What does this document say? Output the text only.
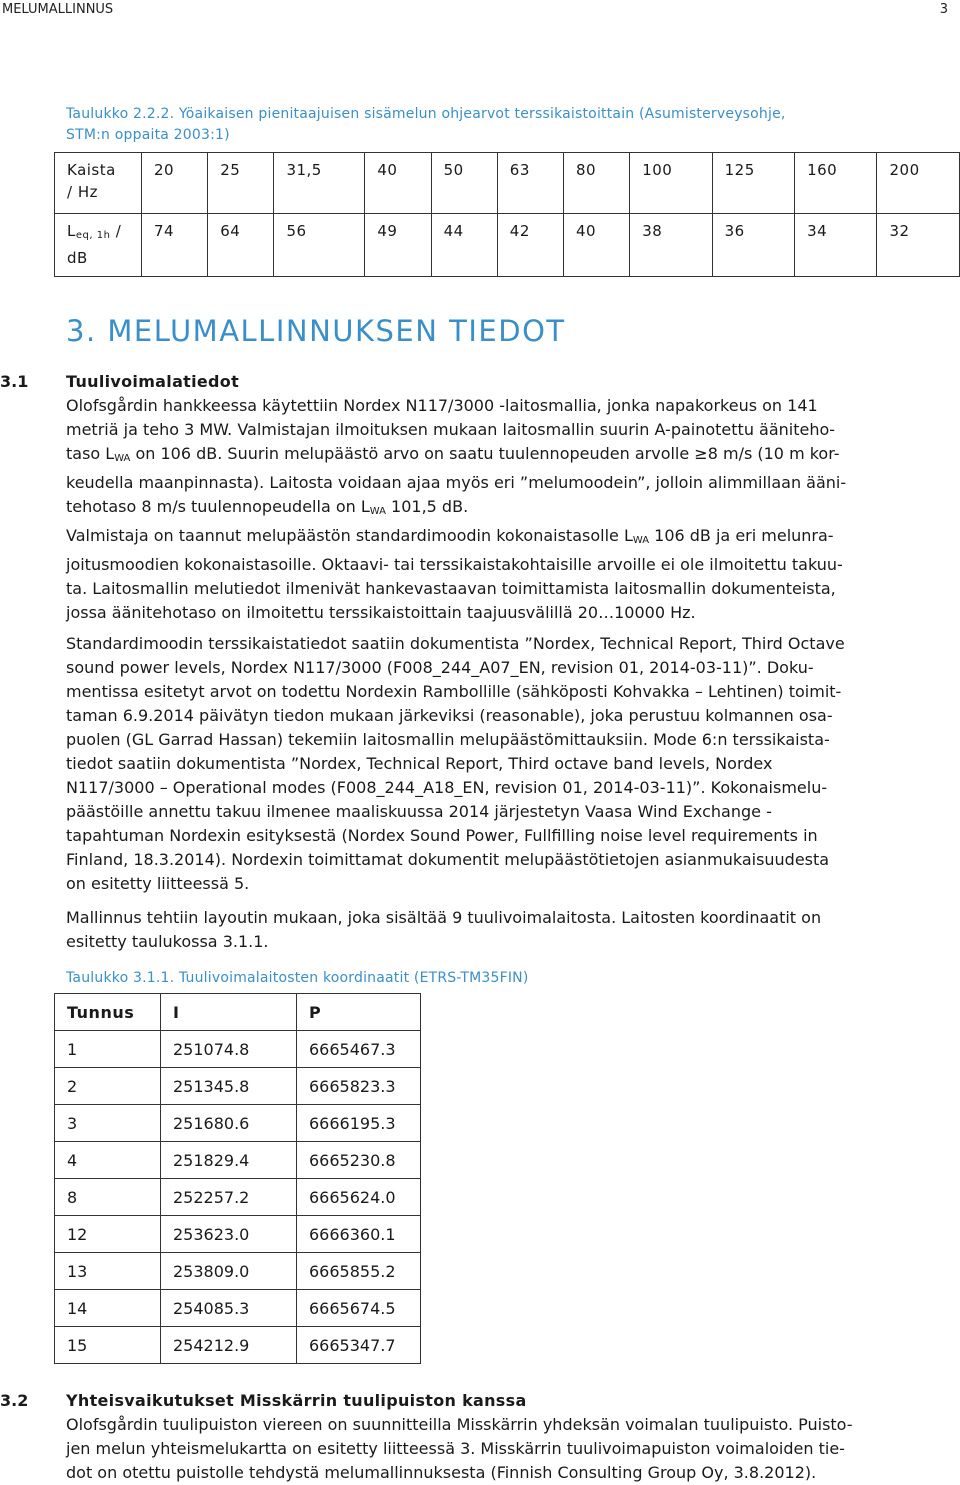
MELUMALLINNUS	3
Taulukko 2.2.2. Yöaikaisen pienitaajuisen sisämelun ohjearvot terssikaistoittain (Asumisterveysohje,
STM:n oppaita 2003:1)
Kaista
/ Hz	20	25	31,5	40	50	63	80	100	125	160	200
$L_{eq, 1h}$ /
dB	74	64	56	49	44	42	40	38	36	34	32
3. MELUMALLINNUKSEN TIEDOT
3.1 Tuulivoimalatiedot
Olofsgårdin hankkeessa käytettiin Nordex N117/3000 -laitosmallia, jonka napakorkeus on 141
metriä ja teho 3 MW. Valmistajan ilmoituksen mukaan laitosmallin suurin A-painotettu äänitehо-
taso $L_{WA}$ on 106 dB. Suurin melupäästö arvo on saatu tuulennopeuden arvolle ≥8 m/s (10 m kor-
keudella maanpinnasta). Laitosta voidaan ajaa myös eri ”melumoodein”, jolloin alimmillaan ääni-
tehotaso 8 m/s tuulennopeudella on $L_{WA}$ 101,5 dB.
Valmistaja on taannut melupäästön standardimoodin kokonaistasolle $L_{WA}$ 106 dB ja eri melunra-
joitusmoodien kokonaistasoille. Oktaavi- tai terssikaistakohtaisille arvoille ei ole ilmoitettu takuu-
ta. Laitosmallin melutiedot ilmenivät hankevastaavan toimittamista laitosmallin dokumenteista,
jossa äänitehotaso on ilmoitettu terssikaistoittain taajuusvälillä 20…10000 Hz.
Standardimoodin terssikaistatiedot saatiin dokumentista ”Nordex, Technical Report, Third Octave
sound power levels, Nordex N117/3000 (F008_244_A07_EN, revision 01, 2014-03-11)”. Doku-
mentissa esitetyt arvot on todettu Nordexin Rambollille (sähköposti Kohvakka – Lehtinen) toimit-
taman 6.9.2014 päivätyn tiedon mukaan järkeviksi (reasonable), joka perustuu kolmannen osa-
puolen (GL Garrad Hassan) tekemiin laitosmallin melupäästömittauksiin. Mode 6:n terssikaista-
tiedot saatiin dokumentista ”Nordex, Technical Report, Third octave band levels, Nordex
N117/3000 – Operational modes (F008_244_A18_EN, revision 01, 2014-03-11)”. Kokonaismelu-
päästöille annettu takuu ilmenee maaliskuussa 2014 järjestetyn Vaasa Wind Exchange -
tapahtuman Nordexin esityksestä (Nordex Sound Power, Fullfilling noise level requirements in
Finland, 18.3.2014). Nordexin toimittamat dokumentit melupäästötietojen asianmukaisuudesta
on esitetty liitteessä 5.
Mallinnus tehtiin layoutin mukaan, joka sisältää 9 tuulivoimalaitosta. Laitosten koordinaatit on
esitetty taulukossa 3.1.1.
Taulukko 3.1.1. Tuulivoimalaitosten koordinaatit (ETRS-TM35FIN)
Tunnus	I	P
1	251074.8	6665467.3
2	251345.8	6665823.3
3	251680.6	6666195.3
4	251829.4	6665230.8
8	252257.2	6665624.0
12	253623.0	6666360.1
13	253809.0	6665855.2
14	254085.3	6665674.5
15	254212.9	6665347.7
3.2 Yhteisvaikutukset Misskärrin tuulipuiston kanssa
Olofsgårdin tuulipuiston viereen on suunnitteilla Misskärrin yhdeksän voimalan tuulipuisto. Puisto-
jen melun yhteismelukartta on esitetty liitteessä 3. Misskärrin tuulivoimapuiston voimaloiden tie-
dot on otettu puistolle tehdystä melumallinnuksesta (Finnish Consulting Group Oy, 3.8.2012).
